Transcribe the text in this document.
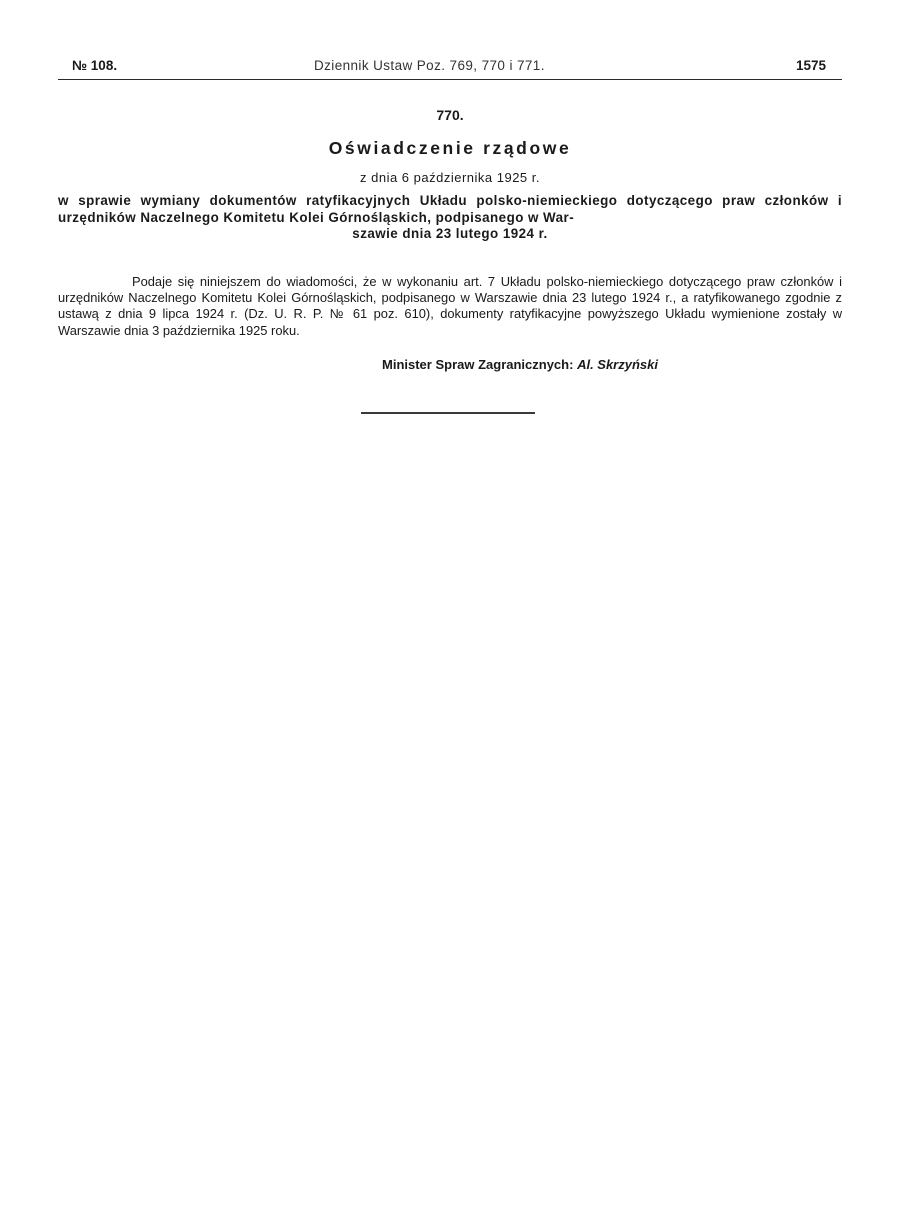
№ 108.	Dziennik Ustaw Poz. 769, 770 i 771.	1575
770.
Oświadczenie rządowe
z dnia 6 października 1925 r.
w sprawie wymiany dokumentów ratyfikacyjnych Układu polsko-niemieckiego dotyczącego praw członków i urzędników Naczelnego Komitetu Kolei Górnośląskich, podpisanego w War-
szawie dnia 23 lutego 1924 r.

Podaje się niniejszem do wiadomości, że w wykonaniu art. 7 Układu polsko-niemieckiego dotyczącego praw członków i urzędników Naczelnego Komitetu Kolei Górnośląskich, podpisanego w Warszawie dnia 23 lutego 1924 r., a ratyfikowanego zgodnie z ustawą z dnia 9 lipca 1924 r. (Dz. U. R. P. № 61 poz. 610), dokumenty ratyfikacyjne powyższego Układu wymienione zostały w Warszawie dnia 3 października 1925 roku.

Minister Spraw Zagranicznych: Al. Skrzyński
